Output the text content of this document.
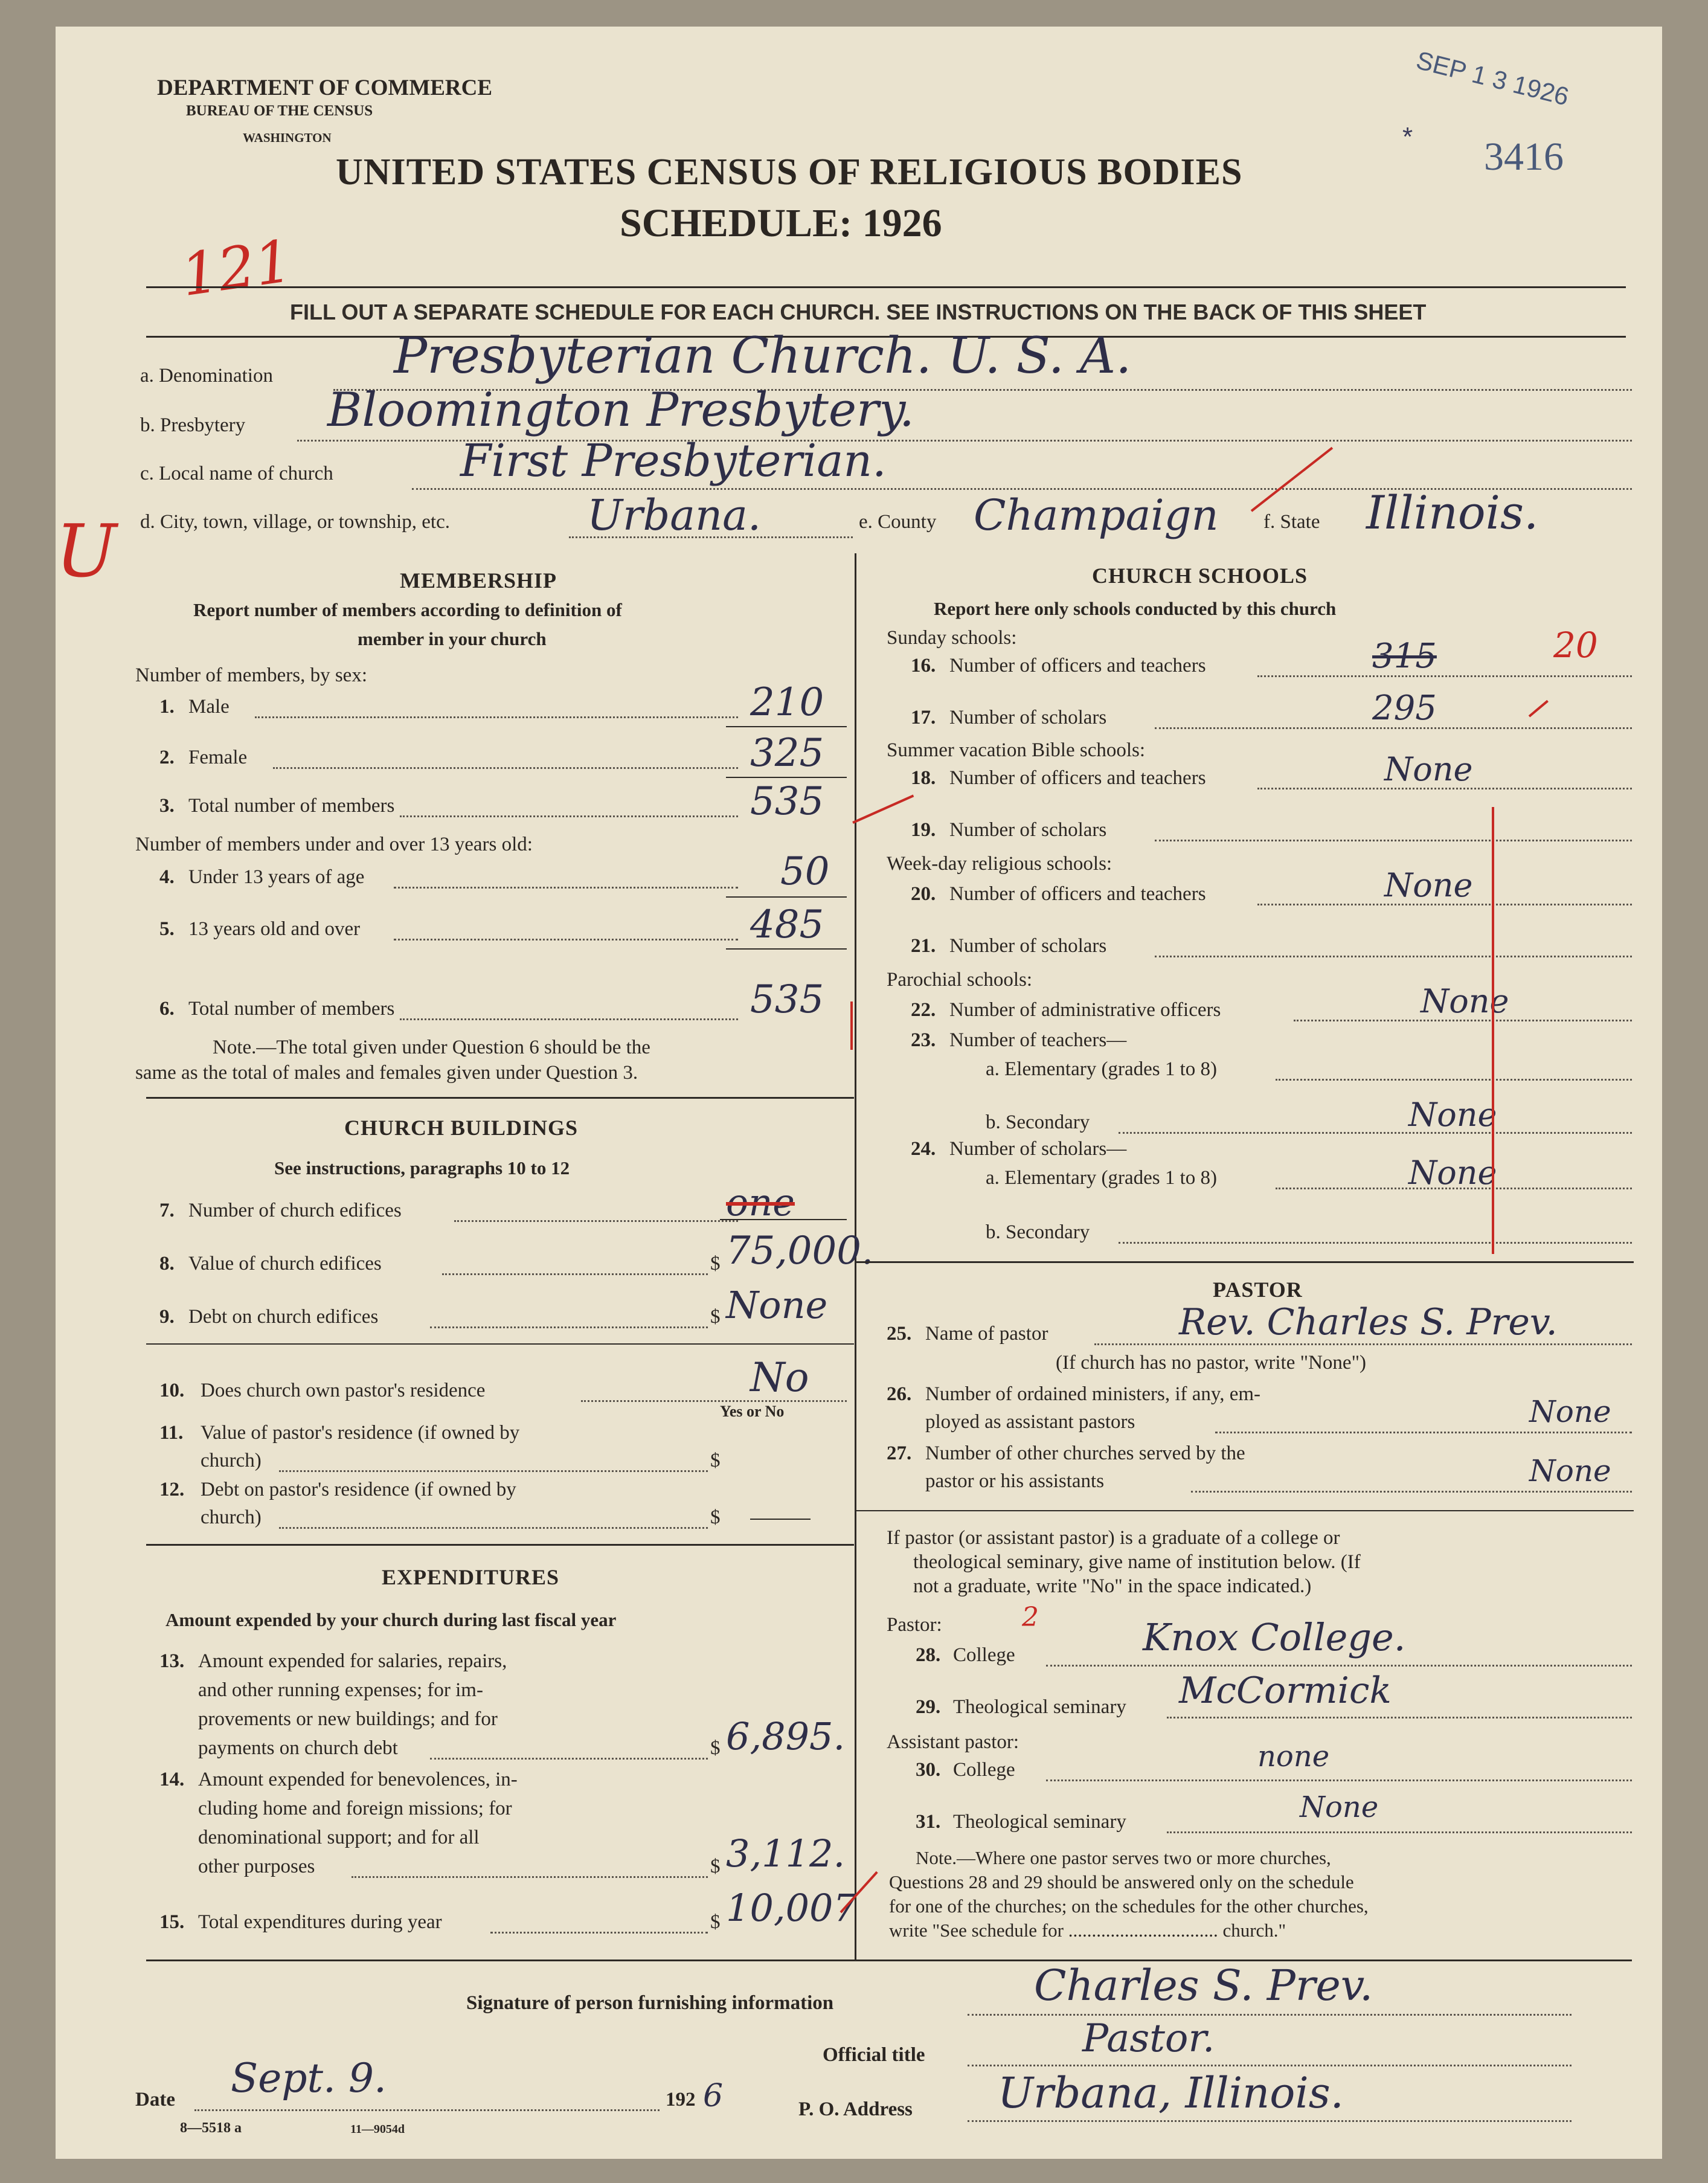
DEPARTMENT OF COMMERCE
BUREAU OF THE CENSUS
WASHINGTON
UNITED STATES CENSUS OF RELIGIOUS BODIES
SCHEDULE: 1926
SEP 1 3 1926
3416
*
121
U
FILL OUT A SEPARATE SCHEDULE FOR EACH CHURCH. SEE INSTRUCTIONS ON THE BACK OF THIS SHEET
a. Denomination Presbyterian Church. U. S. A.
b. Presbytery Bloomington Presbytery.
c. Local name of church	First Presbyterian.
d. City, town, village, or township, etc.	Urbana.	e. County Champaign f. State Illinois.
MEMBERSHIP
Report number of members according to definition of
member in your church
Number of members, by sex:
1. Male	210
2. Female	325
3. Total number of members	535
Number of members under and over 13 years old:
4. Under 13 years of age	50
5. 13 years old and over	485
6. Total number of members	535
Note.—The total given under Question 6 should be the
same as the total of males and females given under Question 3.
CHURCH BUILDINGS
See instructions, paragraphs 10 to 12
7. Number of church edifices	one
8. Value of church edifices	$ 75,000.
9. Debt on church edifices	$ None
10. Does church own pastor's residence	No
Yes or No
11. Value of pastor's residence (if owned by
church)	$
12. Debt on pastor's residence (if owned by
church)	$
EXPENDITURES
Amount expended by your church during last fiscal year
13. Amount expended for salaries, repairs,
and other running expenses; for im-
provements or new buildings; and for
payments on church debt	$ 6,895.
14. Amount expended for benevolences, in-
cluding home and foreign missions; for
denominational support; and for all
other purposes	$ 3,112.
15. Total expenditures during year	$ 10,007
CHURCH SCHOOLS
Report here only schools conducted by this church
Sunday schools:
16. Number of officers and teachers	315	20
17. Number of scholars	295
Summer vacation Bible schools:
18. Number of officers and teachers	None
19. Number of scholars
Week-day religious schools:
20. Number of officers and teachers	None
21. Number of scholars
Parochial schools:
22. Number of administrative officers	None
23. Number of teachers—
a. Elementary (grades 1 to 8)
b. Secondary	None
24. Number of scholars—
a. Elementary (grades 1 to 8)	None
b. Secondary
PASTOR
25. Name of pastor	Rev. Charles S. Prev.
(If church has no pastor, write "None")
26. Number of ordained ministers, if any, em-
ployed as assistant pastors	None
27. Number of other churches served by the
pastor or his assistants	None
If pastor (or assistant pastor) is a graduate of a college or
theological seminary, give name of institution below. (If
not a graduate, write "No" in the space indicated.)
Pastor:	2
28. College	Knox College.
29. Theological seminary McCormick
Assistant pastor:
30. College	none
31. Theological seminary	None
Note.—Where one pastor serves two or more churches,
Questions 28 and 29 should be answered only on the schedule
for one of the churches; on the schedules for the other churches,
write "See schedule for ................................ church."
Signature of person furnishing information	Charles S. Prev.
Official title	Pastor.
Date Sept. 9.	192 6	P. O. Address Urbana, Illinois.
8—5518 a	11—9054d
